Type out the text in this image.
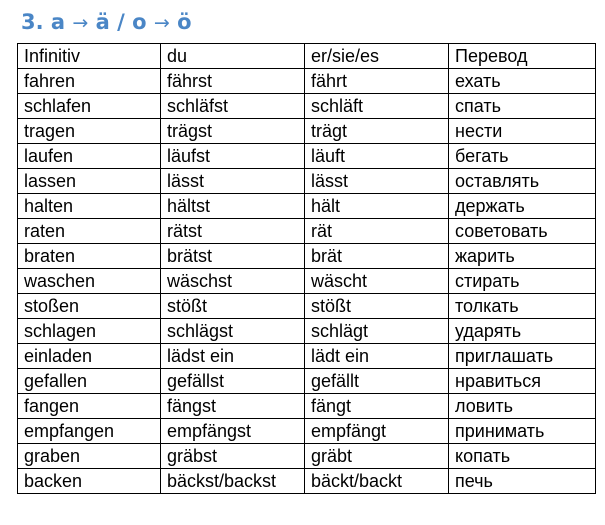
3. a → ä / o → ö
Infinitiv	du	er/sie/es	Перевод
fahren	fährst	fährt	ехать
schlafen	schläfst	schläft	спать
tragen	trägst	trägt	нести
laufen	läufst	läuft	бегать
lassen	lässt	lässt	оставлять
halten	hältst	hält	держать
raten	rätst	rät	советовать
braten	brätst	brät	жарить
waschen	wäschst	wäscht	стирать
stoßen	stößt	stößt	толкать
schlagen	schlägst	schlägt	ударять
einladen	lädst ein	lädt ein	приглашать
gefallen	gefällst	gefällt	нравиться
fangen	fängst	fängt	ловить
empfangen	empfängst	empfängt	принимать
graben	gräbst	gräbt	копать
backen	bäckst/backst	bäckt/backt	печь
